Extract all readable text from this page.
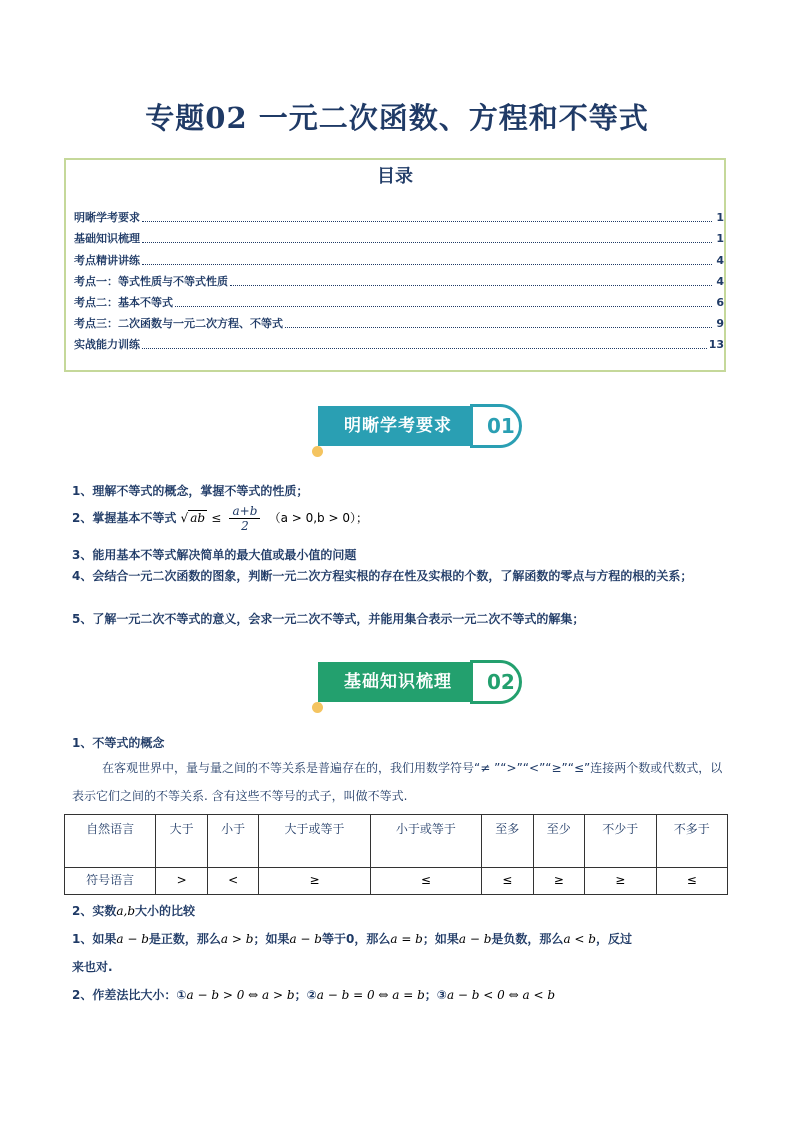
专题02 一元二次函数、方程和不等式
目录
明晰学考要求	1
基础知识梳理	1
考点精讲讲练	4
考点一：等式性质与不等式性质	4
考点二：基本不等式	6
考点三：二次函数与一元二次方程、不等式	9
实战能力训练	13
明晰学考要求	01
1、理解不等式的概念，掌握不等式的性质；
2、掌握基本不等式 √ ab ≤ $\frac{a+b}{2} (a > 0,b > 0)$；
3、能用基本不等式解决简单的最大值或最小值的问题
4、会结合一元二次函数的图象，判断一元二次方程实根的存在性及实根的个数，了解函数的零点与方程的根的关系；
5、了解一元二次不等式的意义，会求一元二次不等式，并能用集合表示一元二次不等式的解集；
基础知识梳理	02
1、不等式的概念
在客观世界中，量与量之间的不等关系是普遍存在的，我们用数学符号“≠ ”“>”“<”“≥”“≤”连接两个数或代数式，以表示它们之间的不等关系. 含有这些不等号的式子，叫做不等式.
自然语言	大于	小于	大于或等于	小于或等于	至多	至少	不少于	不多于
符号语言	>	<	≥	≤	≤	≥	≥	≤
2、实数a,b大小的比较
1、如果a − b是正数，那么a > b；如果a − b等于0，那么a = b；如果a − b是负数，那么a < b，反过
来也对.
2、作差法比大小：①a − b > 0 ⇔ a > b；②a − b = 0 ⇔ a = b；③a − b < 0 ⇔ a < b
